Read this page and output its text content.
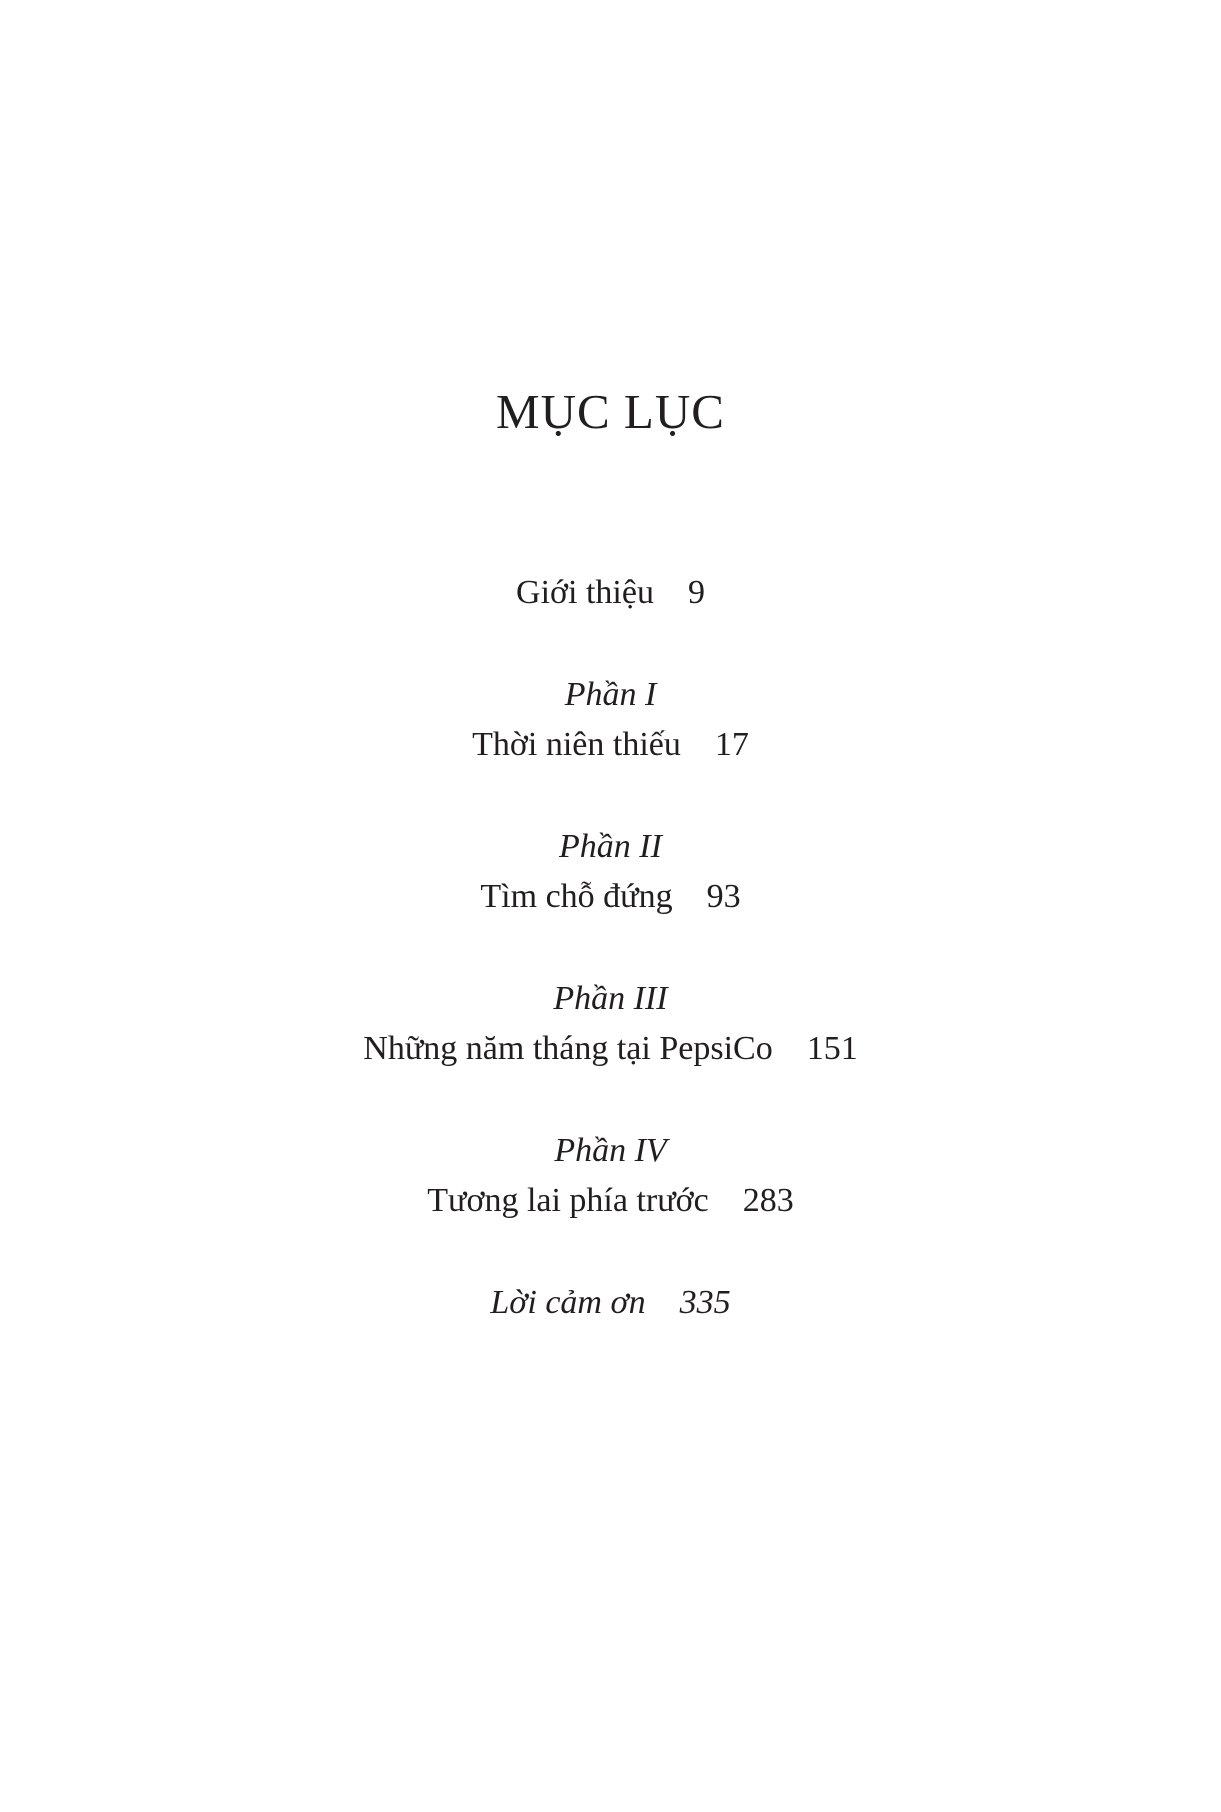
MỤC LỤC
Giới thiệu 9
Phần I
Thời niên thiếu 17
Phần II
Tìm chỗ đứng 93
Phần III
Những năm tháng tại PepsiCo 151
Phần IV
Tương lai phía trước 283
Lời cảm ơn 335
